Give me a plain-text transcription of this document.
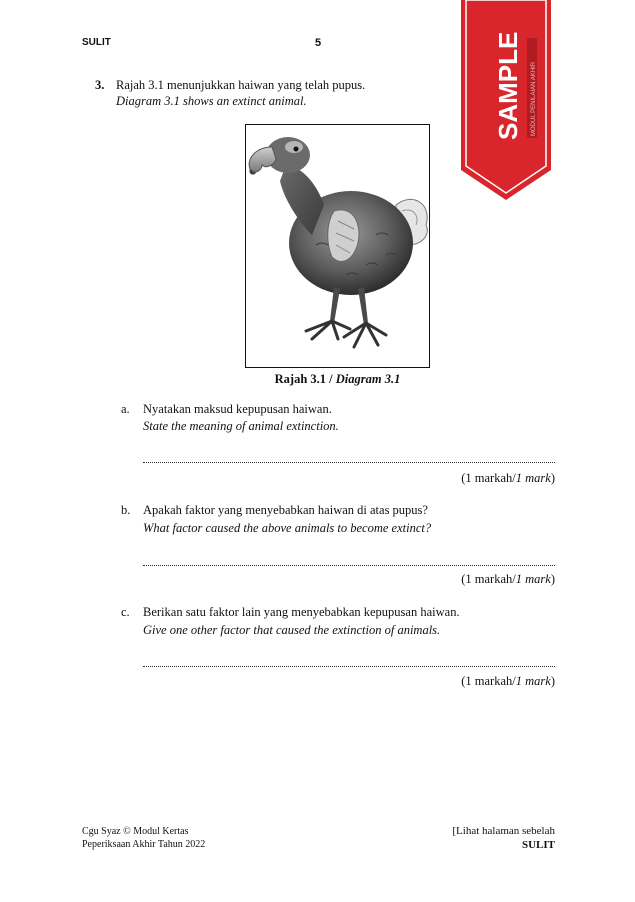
SULIT	5	SAMPLE MODUL PENILAIAN AKHIR
3. Rajah 3.1 menunjukkan haiwan yang telah pupus.
Diagram 3.1 shows an extinct animal.
Rajah 3.1 / Diagram 3.1
a. Nyatakan maksud kepupusan haiwan.
State the meaning of animal extinction.
(1 markah/1 mark)
b. Apakah faktor yang menyebabkan haiwan di atas pupus?
What factor caused the above animals to become extinct?
(1 markah/1 mark)
c. Berikan satu faktor lain yang menyebabkan kepupusan haiwan.
Give one other factor that caused the extinction of animals.
(1 markah/1 mark)
Cgu Syaz © Modul Kertas
Peperiksaan Akhir Tahun 2022
[Lihat halaman sebelah
SULIT
